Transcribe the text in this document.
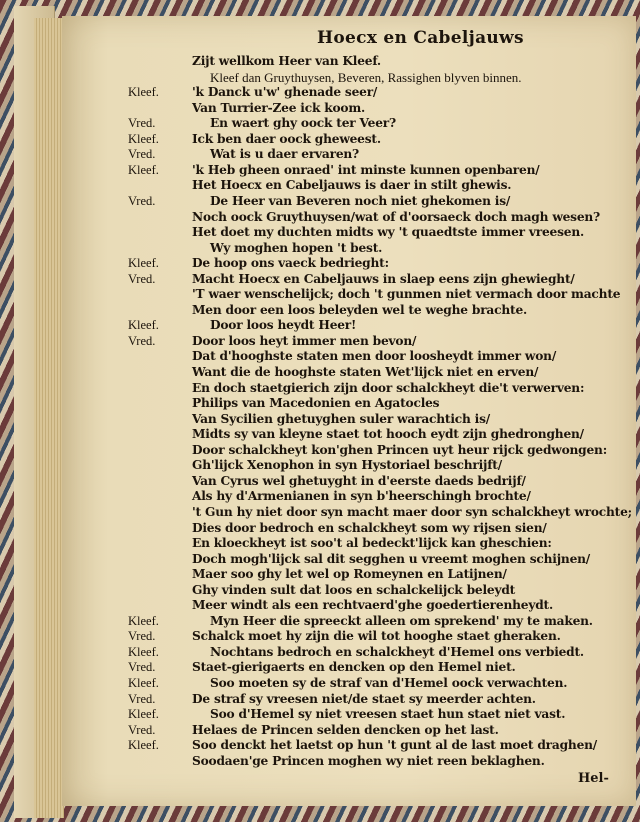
Hoecx en Cabeljauws
Zijt wellkom Heer van Kleef.
Kleef dan Gruythuysen, Beveren, Rassighen blyven binnen.
Kleef.	'k Danck u'w' ghenade seer/
Van Turrier-Zee ick koom.
Vred.	En waert ghy oock ter Veer?
Kleef.	Ick ben daer oock gheweest.
Vred.	Wat is u daer ervaren?
Kleef.	'k Heb gheen onraed' int minste kunnen openbaren/
Het Hoecx en Cabeljauws is daer in stilt ghewis.
Vred.	De Heer van Beveren noch niet ghekomen is/
Noch oock Gruythuysen/wat of d'oorsaeck doch magh wesen?
Het doet my duchten midts wy 't quaedtste immer vreesen.
Wy moghen hopen 't best.
Kleef.	De hoop ons vaeck bedrieght:
Vred.	Macht Hoecx en Cabeljauws in slaep eens zijn ghewieght/
'T waer wenschelijck; doch 't gunmen niet vermach door machte
Men door een loos beleyden wel te weghe brachte.
Kleef.	Door loos heydt Heer!
Vred.	Door loos heyt immer men bevon/
Dat d'hooghste staten men door loosheydt immer won/
Want die de hooghste staten Wet'lijck niet en erven/
En doch staetgierich zijn door schalckheyt die't verwerven:
Philips van Macedonien en Agatocles
Van Sycilien ghetuyghen suler warachtich is/
Midts sy van kleyne staet tot hooch eydt zijn ghedronghen/
Door schalckheyt kon'ghen Princen uyt heur rijck gedwongen:
Gh'lijck Xenophon in syn Hystoriael beschrijft/
Van Cyrus wel ghetuyght in d'eerste daeds bedrijf/
Als hy d'Armenianen in syn b'heerschingh brochte/
't Gun hy niet door syn macht maer door syn schalckheyt wrochte;
Dies door bedroch en schalckheyt som wy rijsen sien/
En kloeckheyt ist soo't al bedeckt'lijck kan gheschien:
Doch mogh'lijck sal dit segghen u vreemt moghen schijnen/
Maer soo ghy let wel op Romeynen en Latijnen/
Ghy vinden sult dat loos en schalckelijck beleydt
Meer windt als een rechtvaerd'ghe goedertierenheydt.
Kleef.	Myn Heer die spreeckt alleen om sprekend' my te maken.
Vred.	Schalck moet hy zijn die wil tot hooghe staet gheraken.
Kleef.	Nochtans bedroch en schalckheyt d'Hemel ons verbiedt.
Vred.	Staet-gierigaerts en dencken op den Hemel niet.
Kleef.	Soo moeten sy de straf van d'Hemel oock verwachten.
Vred.	De straf sy vreesen niet/de staet sy meerder achten.
Kleef.	Soo d'Hemel sy niet vreesen staet hun staet niet vast.
Vred.	Helaes de Princen selden dencken op het last.
Kleef.	Soo denckt het laetst op hun 't gunt al de last moet draghen/
Soodaen'ge Princen moghen wy niet reen beklaghen.
Hel-
